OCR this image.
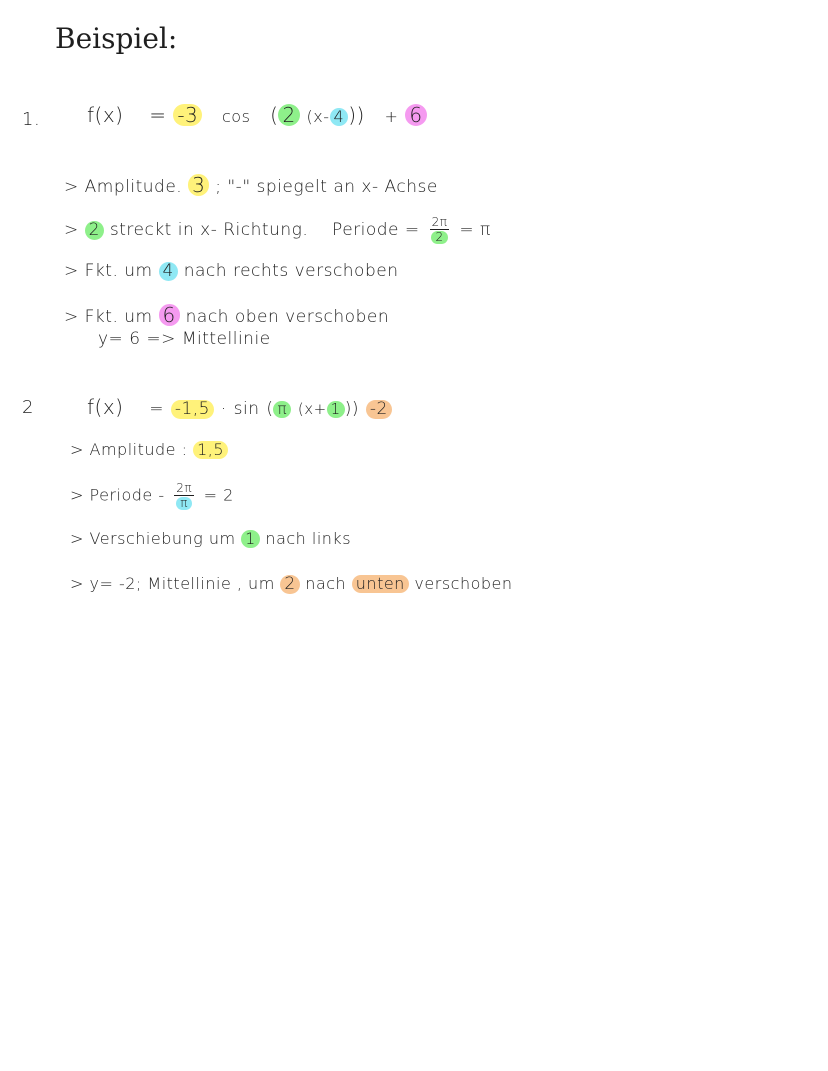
Beispiel:
1. f(x) = -3 cos ( 2 (x- 4 )) + 6
> Amplitude. 3 ; "-" spiegelt an x- Achse
> 2 streckt in x- Richtung. Periode = $\frac{2\pi}{2} = \pi$
> Fkt. um 4 nach rechts verschoben
> Fkt. um 6 nach oben verschoben
y= 6 => Mittellinie
2	f(x) = -1,5 · sin ( π (x+ 1 )) -2
> Amplitude : 1,5
> Periode - $\frac{2\pi}{\pi} = 2$
> Verschiebung um 1 nach links
> y= -2; Mittellinie , um 2 nach unten verschoben
